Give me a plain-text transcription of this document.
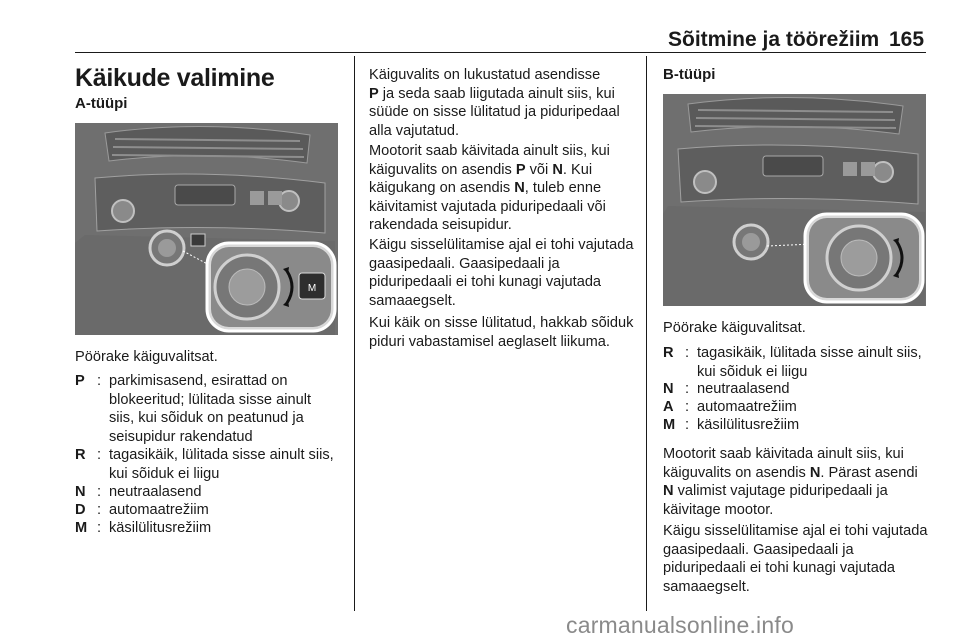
Sõitmine ja töörežiim 165
Käikude valimine
A-tüüpi
M
Pöörake käiguvalitsat.
P : parkimisasend, esirattad on blokeeritud; lülitada sisse ainult siis, kui sõiduk on peatunud ja seisupidur rakendatud
R : tagasikäik, lülitada sisse ainult siis, kui sõiduk ei liigu
N : neutraalasend
D : automaatrežiim
M : käsilülitusrežiim

Käiguvalits on lukustatud asendisse
P ja seda saab liigutada ainult siis, kui süüde on sisse lülitatud ja piduripedaal alla vajutatud.

Mootorit saab käivitada ainult siis, kui käiguvalits on asendis P või N. Kui käigukang on asendis N, tuleb enne käivitamist vajutada piduripedaali või rakendada seisupidur.

Käigu sisselülitamise ajal ei tohi vajutada gaasipedaali. Gaasipedaali ja piduripedaali ei tohi kunagi vajutada samaaegselt.

Kui käik on sisse lülitatud, hakkab sõiduk piduri vabastamisel aeglaselt liikuma.

B-tüüpi
Pöörake käiguvalitsat.
R : tagasikäik, lülitada sisse ainult siis, kui sõiduk ei liigu
N : neutraalasend
A : automaatrežiim
M : käsilülitusrežiim

Mootorit saab käivitada ainult siis, kui käiguvalits on asendis N. Pärast asendi N valimist vajutage piduripedaali ja käivitage mootor.

Käigu sisselülitamise ajal ei tohi vajutada gaasipedaali. Gaasipedaali ja piduripedaali ei tohi kunagi vajutada samaaegselt.

carmanualsonline.info
